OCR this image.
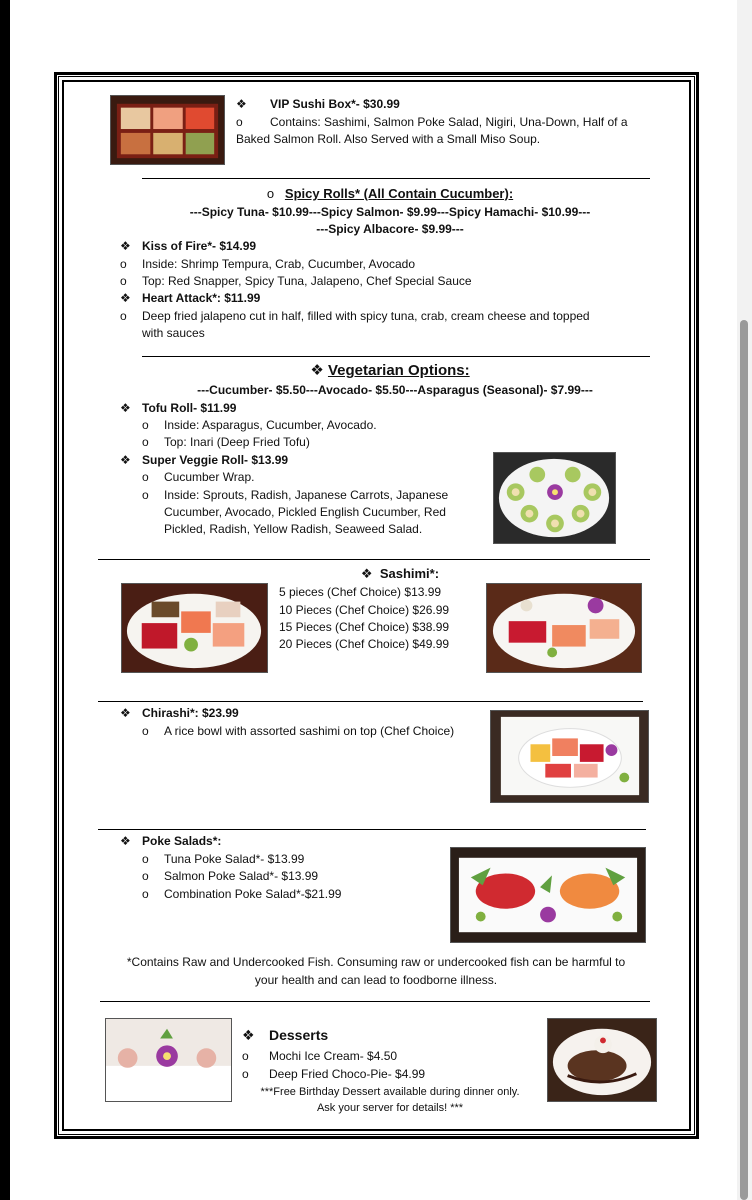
❖ VIP Sushi Box*- $30.99
o Contains: Sashimi, Salmon Poke Salad, Nigiri, Una-Down, Half of a
Baked Salmon Roll. Also Served with a Small Miso Soup.
o Spicy Rolls* (All Contain Cucumber):
---Spicy Tuna- $10.99---Spicy Salmon- $9.99---Spicy Hamachi- $10.99---
---Spicy Albacore- $9.99---
❖ Kiss of Fire*- $14.99
o Inside: Shrimp Tempura, Crab, Cucumber, Avocado
o Top: Red Snapper, Spicy Tuna, Jalapeno, Chef Special Sauce
❖ Heart Attack*: $11.99
o Deep fried jalapeno cut in half, filled with spicy tuna, crab, cream cheese and topped
with sauces
❖ Vegetarian Options:
---Cucumber- $5.50---Avocado- $5.50---Asparagus (Seasonal)- $7.99---
❖ Tofu Roll- $11.99
o Inside: Asparagus, Cucumber, Avocado.
o Top: Inari (Deep Fried Tofu)
❖ Super Veggie Roll- $13.99
o Cucumber Wrap.
o Inside: Sprouts, Radish, Japanese Carrots, Japanese
Cucumber, Avocado, Pickled English Cucumber, Red
Pickled, Radish, Yellow Radish, Seaweed Salad.
❖ Sashimi*:
5 pieces (Chef Choice) $13.99
10 Pieces (Chef Choice) $26.99
15 Pieces (Chef Choice) $38.99
20 Pieces (Chef Choice) $49.99
❖ Chirashi*: $23.99
o A rice bowl with assorted sashimi on top (Chef Choice)
❖ Poke Salads*:
o Tuna Poke Salad*- $13.99
o Salmon Poke Salad*- $13.99
o Combination Poke Salad*-$21.99
*Contains Raw and Undercooked Fish. Consuming raw or undercooked fish can be harmful to
your health and can lead to foodborne illness.
❖ Desserts
o Mochi Ice Cream- $4.50
o Deep Fried Choco-Pie- $4.99
***Free Birthday Dessert available during dinner only.
Ask your server for details! ***
